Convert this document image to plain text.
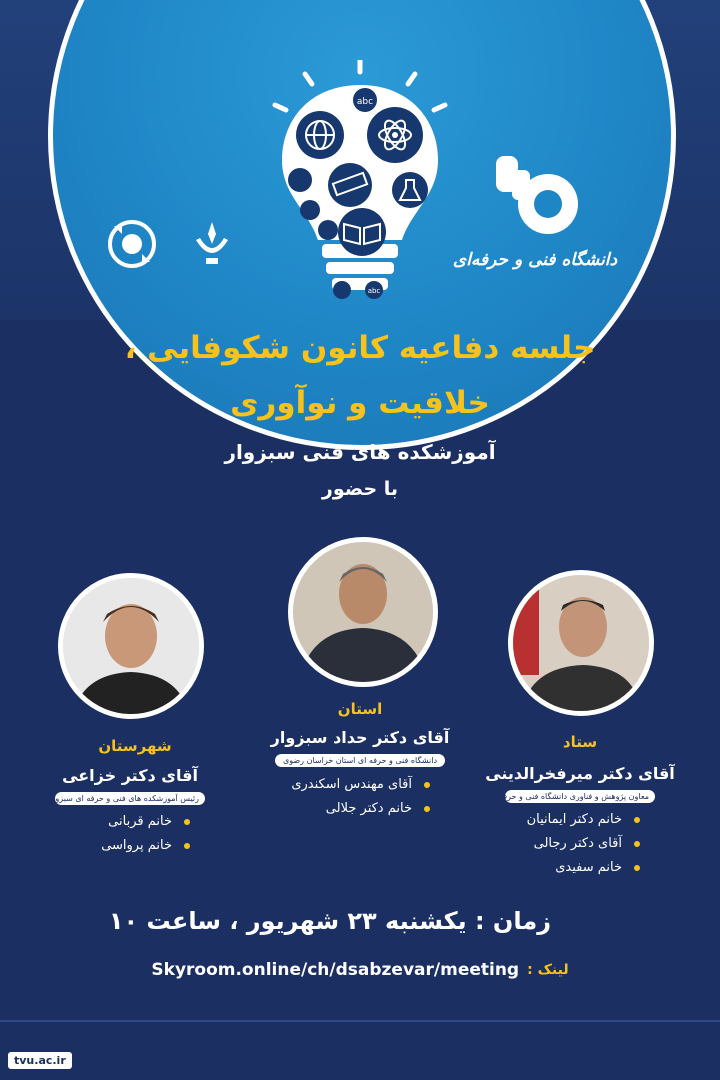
abc
abc
دانشگاه فنی و حرفه‌ای
جلسه دفاعیه کانون شکوفایی ،
خلاقیت و نوآوری
آموزشکده های فنی سبزوار
با حضور
ستاد
آقای دکتر میرفخرالدینی
معاون پژوهش و فناوری دانشگاه فنی و حرفه ای
خانم دکتر ایمانیان
آقای دکتر رجالی
خانم سفیدی
استان
آقای دکتر حداد سبزوار
دانشگاه فنی و حرفه ای استان خراسان رضوی
آقای مهندس اسکندری
خانم دکتر جلالی
شهرستان
آقای دکتر خزاعی
رئیس آموزشکده های فنی و حرفه ای سبزوار
خانم قربانی
خانم پرواسی
زمان : یکشنبه ۲۳ شهریور ، ساعت ۱۰
لینک :
Skyroom.online/ch/dsabzevar/meeting
tvu.ac.ir
